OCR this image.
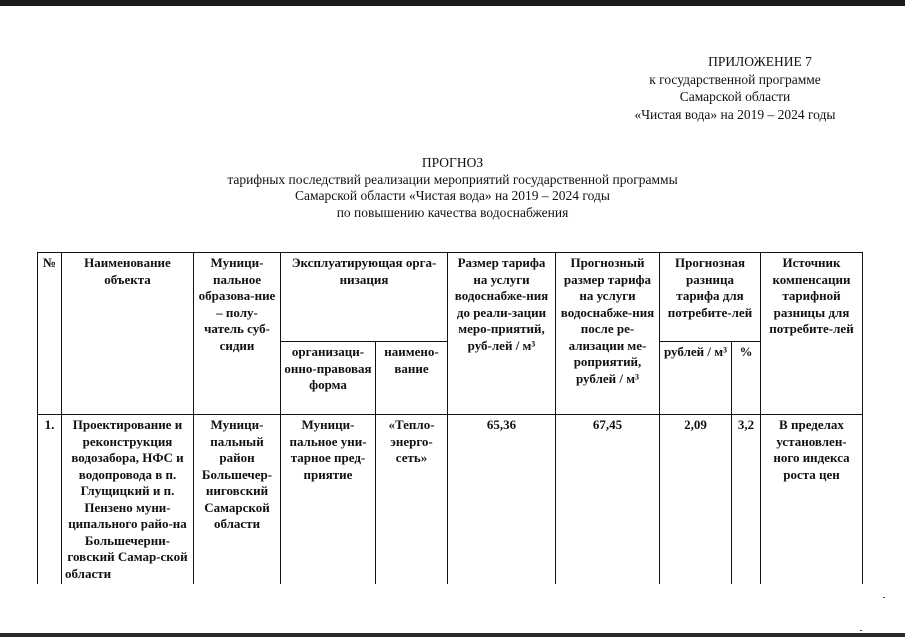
ПРИЛОЖЕНИЕ 7
к государственной программе
Самарской области
«Чистая вода» на 2019 – 2024 годы
ПРОГНОЗ
тарифных последствий реализации мероприятий государственной программы
Самарской области «Чистая вода» на 2019 – 2024 годы
по повышению качества водоснабжения
№	Наименование объекта	Муници-пальное образова-ние – полу-чатель суб-сидии	Эксплуатирующая орга-низация		Размер тарифа на услуги водоснабже-ния до реали-зации меро-приятий, руб-лей / м³	Прогнозный размер тарифа на услуги водоснабже-ния после ре-ализации ме-роприятий, рублей / м³	Прогнозная разница тарифа для потребите-лей		Источник компенсации тарифной разницы для потребите-лей
			организаци-онно-правовая форма	наимено-вание			рублей / м³	%	
1.	Проектирование и реконструкция водозабора, НФС и водопровода в п. Глущицкий и п. Пензено муни-ципального райо-на Большечерни-говский Самар-ской области	Муници-пальный район Большечер-ниговский Самарской области	Муници-пальное уни-тарное пред-приятие	«Тепло-энерго-сеть»	65,36	67,45	2,09	3,2	В пределах установлен-ного индекса роста цен
